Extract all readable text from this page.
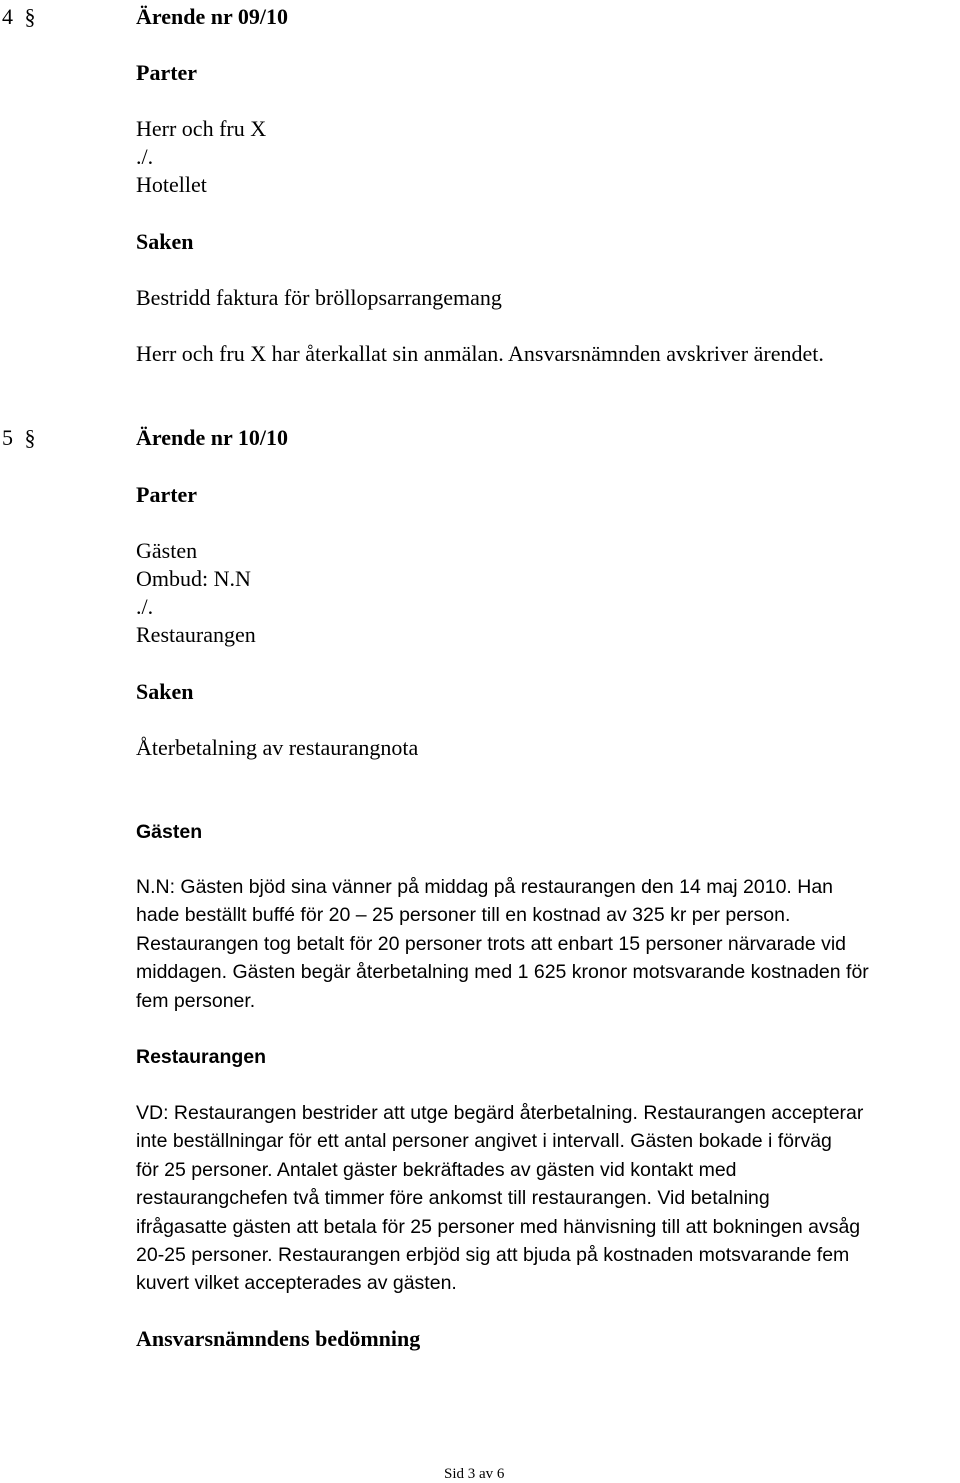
4 §	Ärende nr 09/10
Parter
Herr och fru X
./.
Hotellet
Saken
Bestridd faktura för bröllopsarrangemang
Herr och fru X har återkallat sin anmälan. Ansvarsnämnden avskriver ärendet.
5 §	Ärende nr 10/10
Parter
Gästen
Ombud: N.N
./.
Restaurangen
Saken
Återbetalning av restaurangnota
Gästen
N.N: Gästen bjöd sina vänner på middag på restaurangen den 14 maj 2010. Han
hade beställt buffé för 20 – 25 personer till en kostnad av 325 kr per person.
Restaurangen tog betalt för 20 personer trots att enbart 15 personer närvarade vid
middagen. Gästen begär återbetalning med 1 625 kronor motsvarande kostnaden för
fem personer.
Restaurangen
VD: Restaurangen bestrider att utge begärd återbetalning. Restaurangen accepterar
inte beställningar för ett antal personer angivet i intervall. Gästen bokade i förväg
för 25 personer. Antalet gäster bekräftades av gästen vid kontakt med
restaurangchefen två timmer före ankomst till restaurangen. Vid betalning
ifrågasatte gästen att betala för 25 personer med hänvisning till att bokningen avsåg
20-25 personer. Restaurangen erbjöd sig att bjuda på kostnaden motsvarande fem
kuvert vilket accepterades av gästen.
Ansvarsnämndens bedömning
Sid 3 av 6
